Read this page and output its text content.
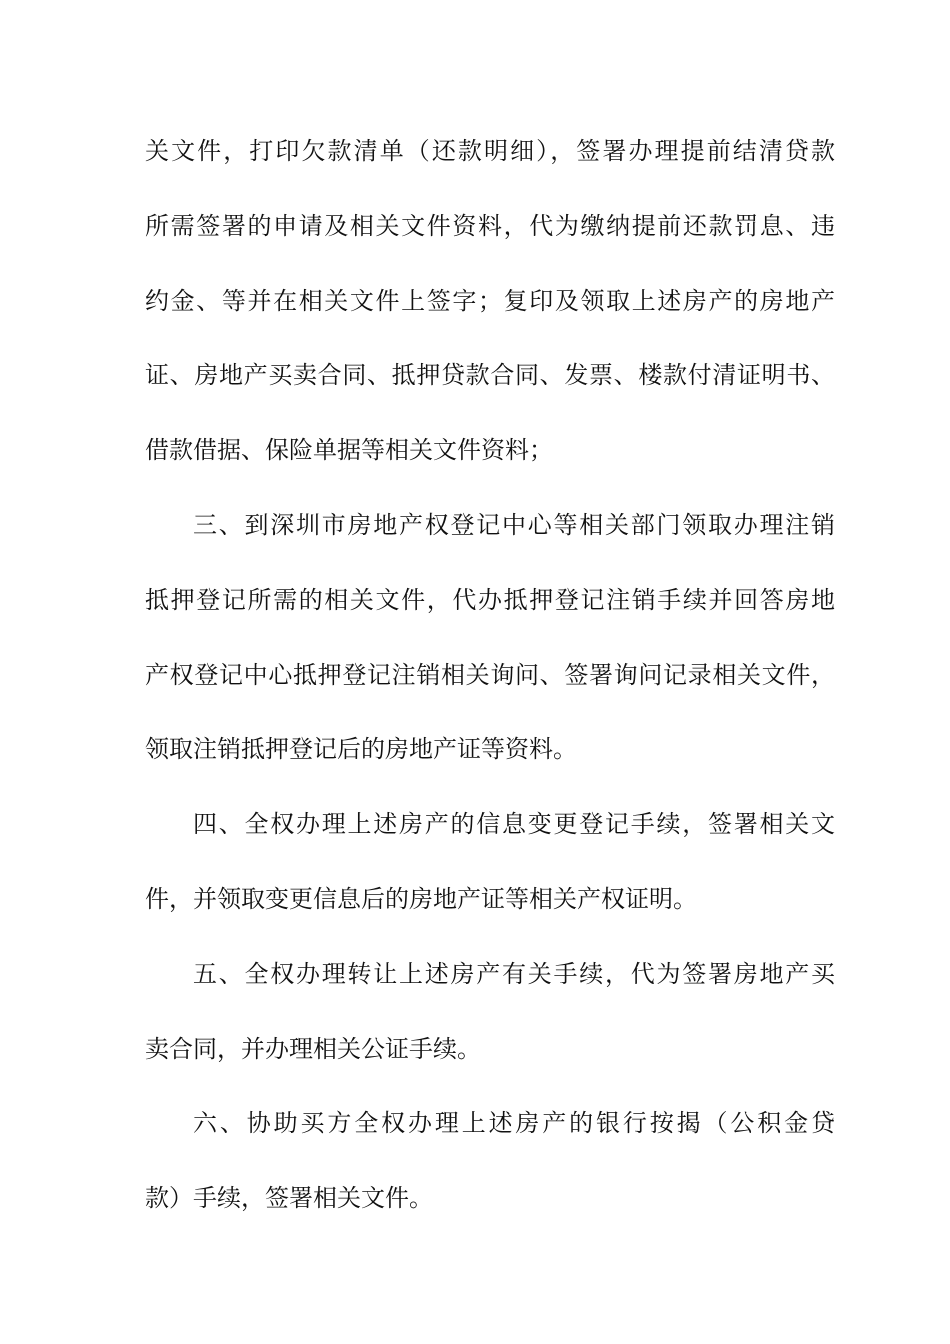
关文件，打印欠款清单（还款明细），签署办理提前结清贷款
所需签署的申请及相关文件资料，代为缴纳提前还款罚息、违
约金、等并在相关文件上签字；复印及领取上述房产的房地产
证、房地产买卖合同、抵押贷款合同、发票、楼款付清证明书、
借款借据、保险单据等相关文件资料；
三、到深圳市房地产权登记中心等相关部门领取办理注销
抵押登记所需的相关文件，代办抵押登记注销手续并回答房地
产权登记中心抵押登记注销相关询问、签署询问记录相关文件，
领取注销抵押登记后的房地产证等资料。
四、全权办理上述房产的信息变更登记手续，签署相关文
件，并领取变更信息后的房地产证等相关产权证明。
五、全权办理转让上述房产有关手续，代为签署房地产买
卖合同，并办理相关公证手续。
六、协助买方全权办理上述房产的银行按揭（公积金贷
款）手续，签署相关文件。
